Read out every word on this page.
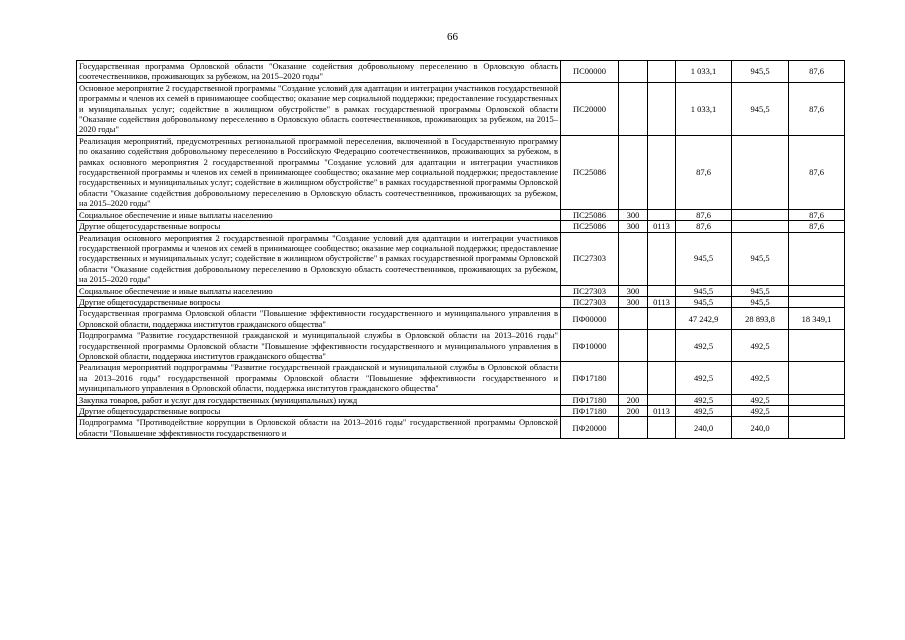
66
Государственная программа Орловской области "Оказание содействия добровольному переселению в Орловскую область соотечественников, проживающих за рубежом, на 2015–2020 годы"	ПС00000			1 033,1	945,5	87,6
Основное мероприятие 2 государственной программы "Создание условий для адаптации и интеграции участников государственной программы и членов их семей в принимающее сообщество; оказание мер социальной поддержки; предоставление государственных и муниципальных услуг; содействие в жилищном обустройстве" в рамках государственной программы Орловской области "Оказание содействия добровольному переселению в Орловскую область соотечественников, проживающих за рубежом, на 2015–2020 годы"	ПС20000			1 033,1	945,5	87,6
Реализация мероприятий, предусмотренных региональной программой переселения, включенной в Государственную программу по оказанию содействия добровольному переселению в Российскую Федерацию соотечественников, проживающих за рубежом, в рамках основного мероприятия 2 государственной программы "Создание условий для адаптации и интеграции участников государственной программы и членов их семей в принимающее сообщество; оказание мер социальной поддержки; предоставление государственных и муниципальных услуг; содействие в жилищном обустройстве" в рамках государственной программы Орловской области "Оказание содействия добровольному переселению в Орловскую область соотечественников, проживающих за рубежом, на 2015–2020 годы"	ПС25086			87,6		87,6
Социальное обеспечение и иные выплаты населению	ПС25086	300		87,6		87,6
Другие общегосударственные вопросы	ПС25086	300	0113	87,6		87,6
Реализация основного мероприятия 2 государственной программы "Создание условий для адаптации и интеграции участников государственной программы и членов их семей в принимающее сообщество; оказание мер социальной поддержки; предоставление государственных и муниципальных услуг; содействие в жилищном обустройстве" в рамках государственной программы Орловской области "Оказание содействия добровольному переселению в Орловскую область соотечественников, проживающих за рубежом, на 2015–2020 годы"	ПС27303			945,5	945,5	
Социальное обеспечение и иные выплаты населению	ПС27303	300		945,5	945,5	
Другие общегосударственные вопросы	ПС27303	300	0113	945,5	945,5	
Государственная программа Орловской области "Повышение эффективности государственного и муниципального управления в Орловской области, поддержка институтов гражданского общества"	ПФ00000			47 242,9	28 893,8	18 349,1
Подпрограмма "Развитие государственной гражданской и муниципальной службы в Орловской области на 2013–2016 годы" государственной программы Орловской области "Повышение эффективности государственного и муниципального управления в Орловской области, поддержка институтов гражданского общества"	ПФ10000			492,5	492,5	
Реализация мероприятий подпрограммы "Развитие государственной гражданской и муниципальной службы в Орловской области на 2013–2016 годы" государственной программы Орловской области "Повышение эффективности государственного и муниципального управления в Орловской области, поддержка институтов гражданского общества"	ПФ17180			492,5	492,5	
Закупка товаров, работ и услуг для государственных (муниципальных) нужд	ПФ17180	200		492,5	492,5	
Другие общегосударственные вопросы	ПФ17180	200	0113	492,5	492,5	
Подпрограмма "Противодействие коррупции в Орловской области на 2013–2016 годы" государственной программы Орловской области "Повышение эффективности государственного и	ПФ20000			240,0	240,0	
